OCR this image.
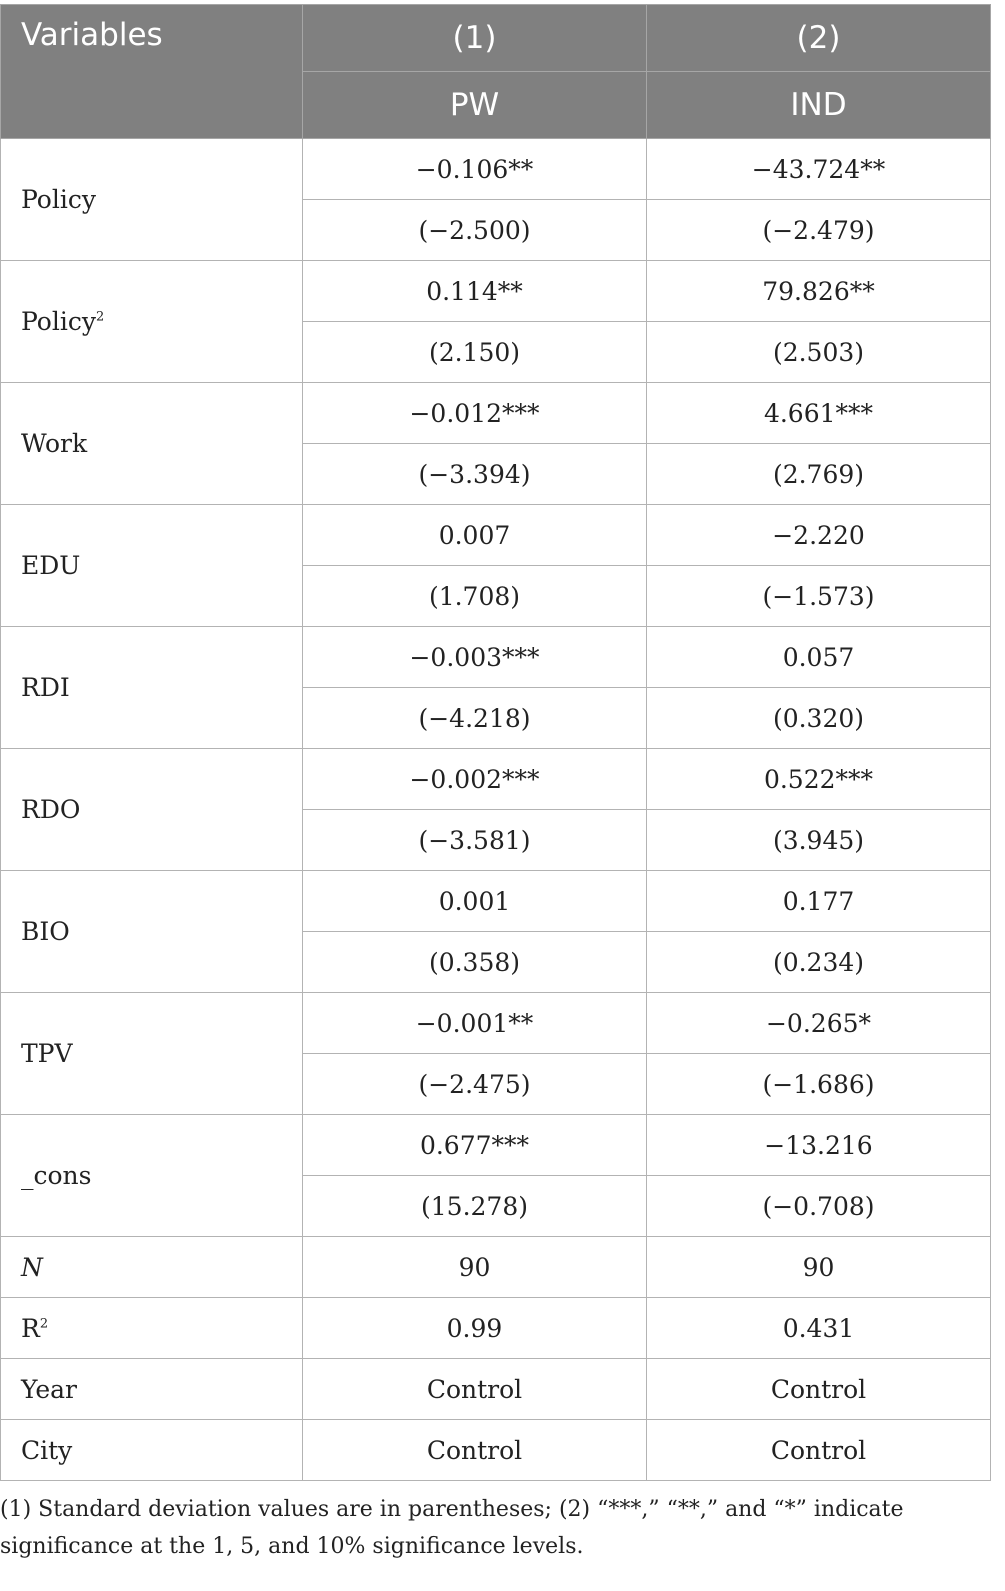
Variables	(1)	(2)
	PW	IND
Policy	−0.106**	−43.724**
	(−2.500)	(−2.479)
Policy$^2$	0.114**	79.826**
	(2.150)	(2.503)
Work	−0.012***	4.661***
	(−3.394)	(2.769)
EDU	0.007	−2.220
	(1.708)	(−1.573)
RDI	−0.003***	0.057
	(−4.218)	(0.320)
RDO	−0.002***	0.522***
	(−3.581)	(3.945)
BIO	0.001	0.177
	(0.358)	(0.234)
TPV	−0.001**	−0.265*
	(−2.475)	(−1.686)
_cons	0.677***	−13.216
	(15.278)	(−0.708)
N	90	90
$R^2$	0.99	0.431
Year	Control	Control
City	Control	Control
(1) Standard deviation values are in parentheses; (2) “***,” “**,” and “*” indicate significance at the 1, 5, and 10% significance levels.
